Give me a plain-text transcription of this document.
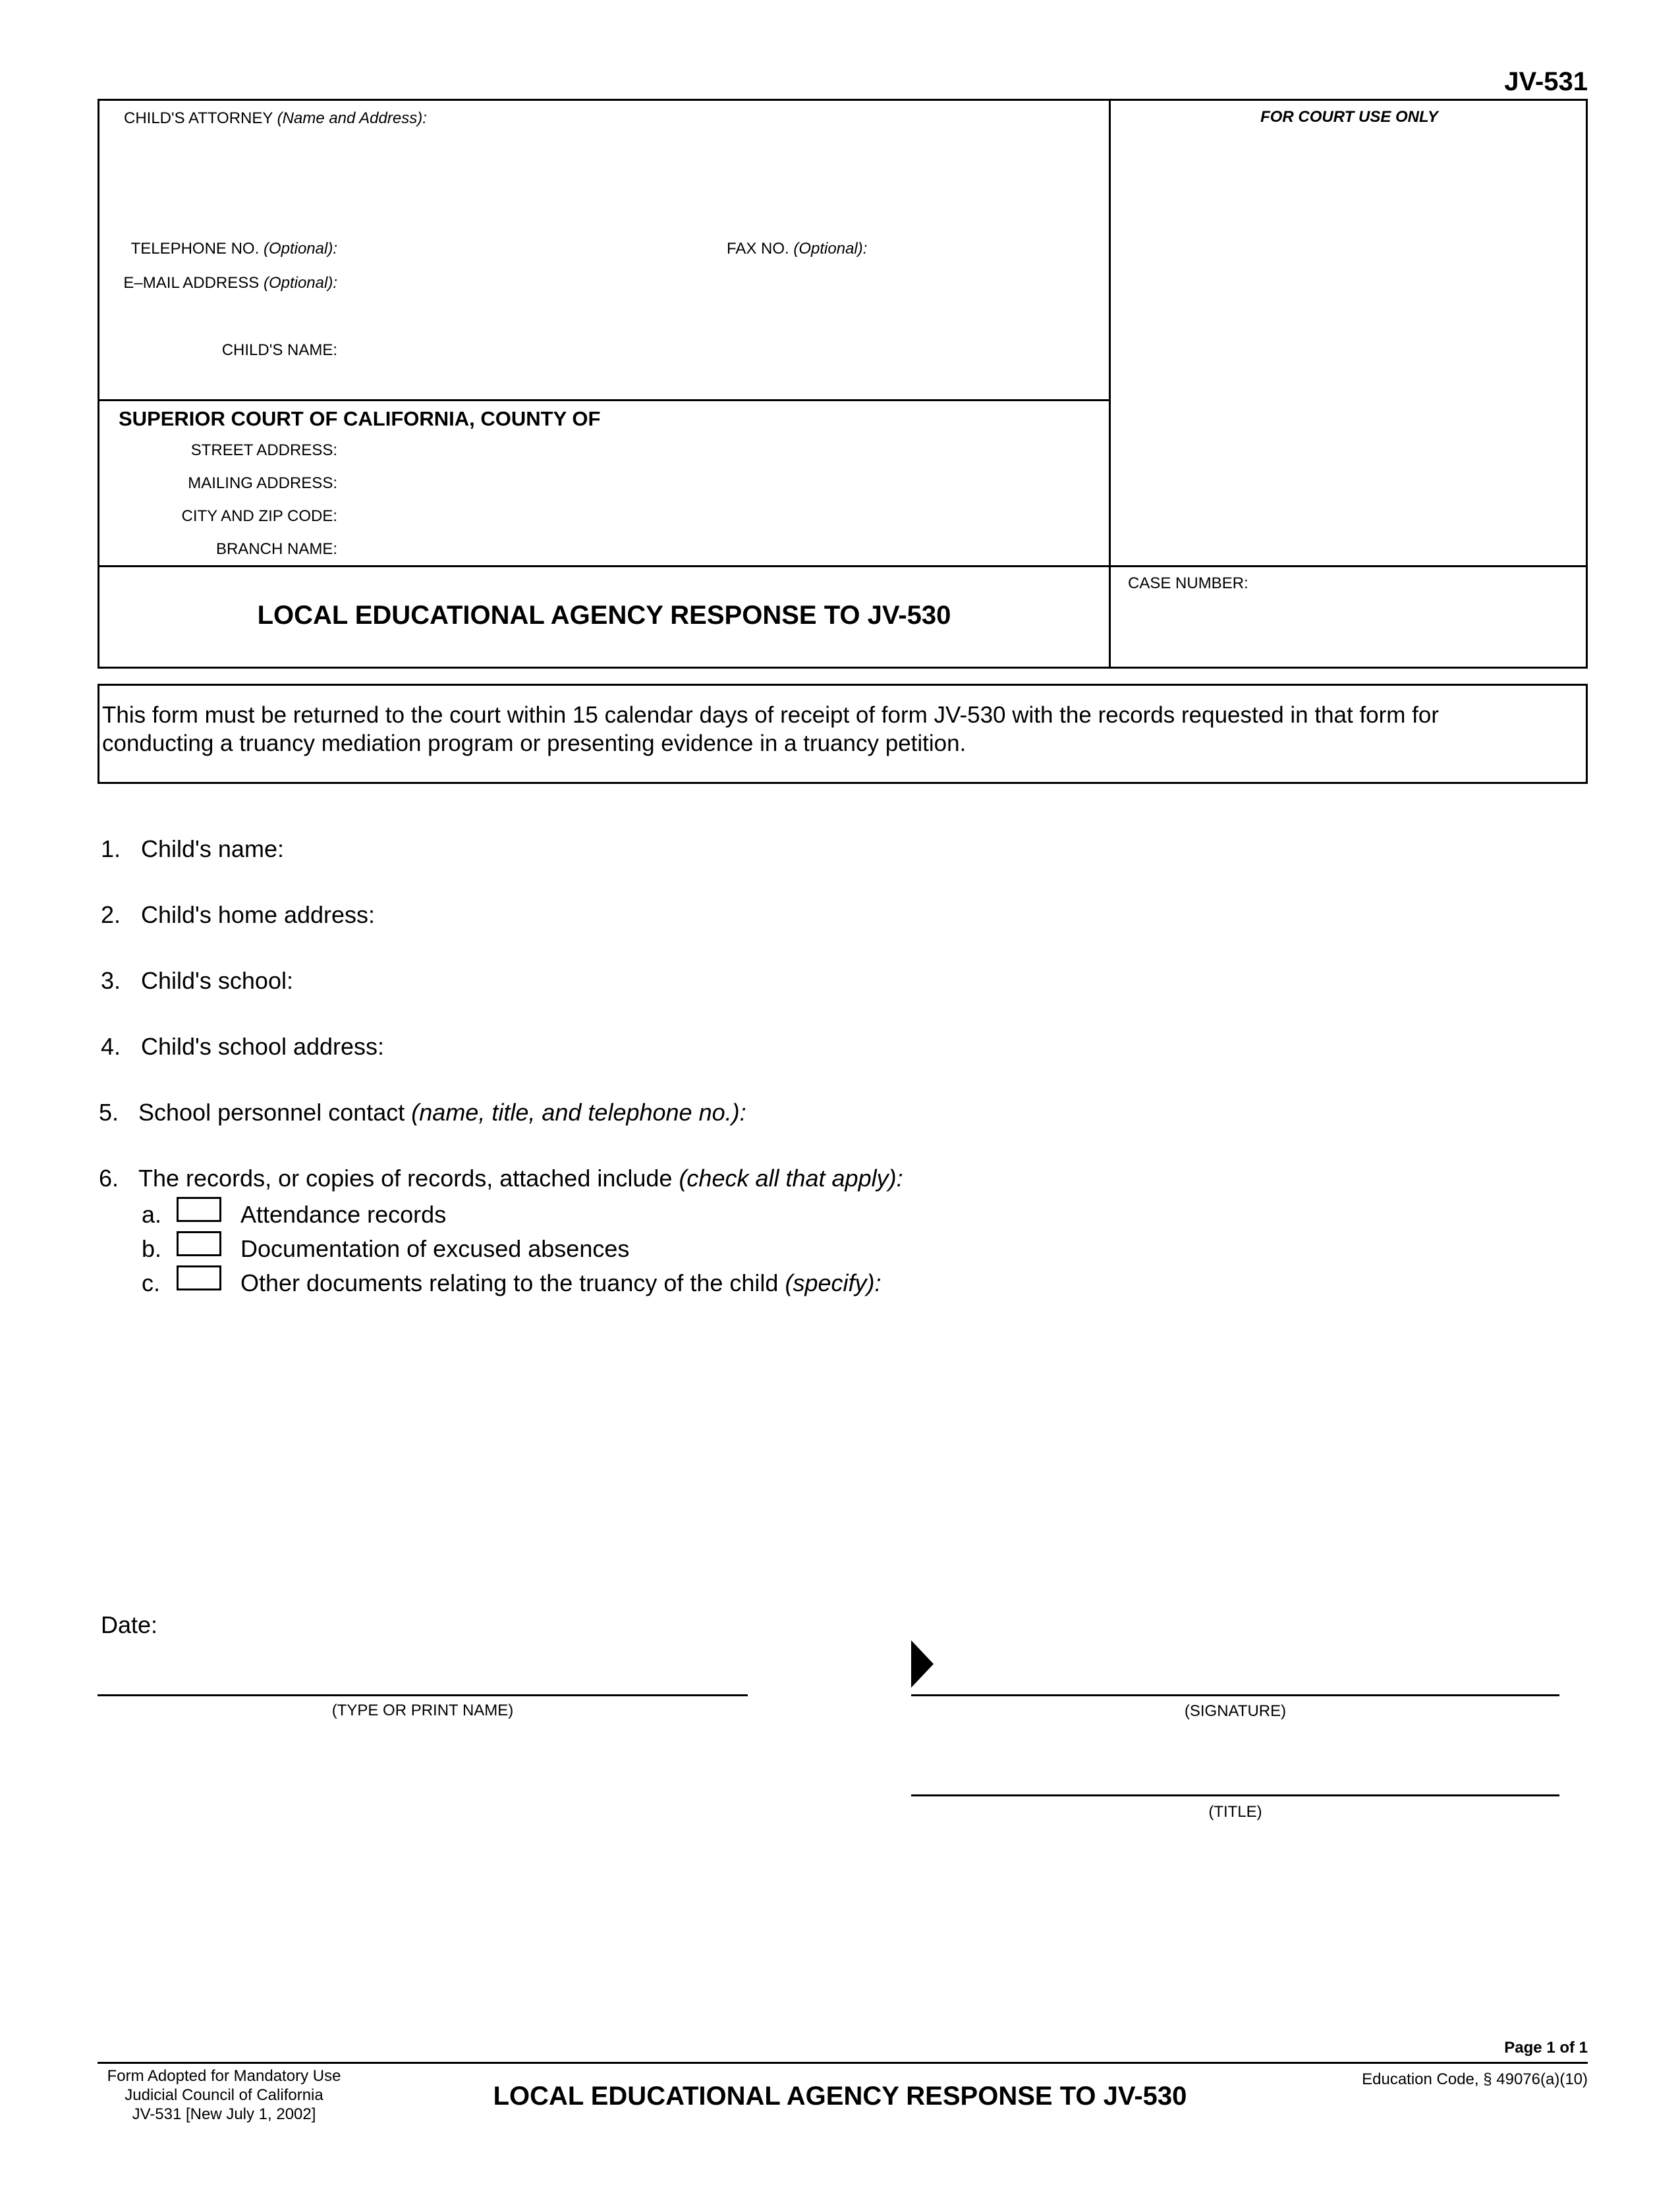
JV-531
CHILD'S ATTORNEY (Name and Address):	FOR COURT USE ONLY
TELEPHONE NO. (Optional):	FAX NO. (Optional):
E–MAIL ADDRESS (Optional):
CHILD'S NAME:
SUPERIOR COURT OF CALIFORNIA, COUNTY OF
STREET ADDRESS:
MAILING ADDRESS:
CITY AND ZIP CODE:
BRANCH NAME:
LOCAL EDUCATIONAL AGENCY RESPONSE TO JV-530
CASE NUMBER:
This form must be returned to the court within 15 calendar days of receipt of form JV-530 with the records requested in that form for
conducting a truancy mediation program or presenting evidence in a truancy petition.
1. Child's name:
2. Child's home address:
3. Child's school:
4. Child's school address:
5. School personnel contact (name, title, and telephone no.):
6. The records, or copies of records, attached include (check all that apply):
a.	Attendance records
b.	Documentation of excused absences
c.	Other documents relating to the truancy of the child (specify):
Date:
(TYPE OR PRINT NAME)	(SIGNATURE)
(TITLE)
Page 1 of 1
Form Adopted for Mandatory Use
Judicial Council of California
JV-531 [New July 1, 2002]
LOCAL EDUCATIONAL AGENCY RESPONSE TO JV-530
Education Code, § 49076(a)(10)
